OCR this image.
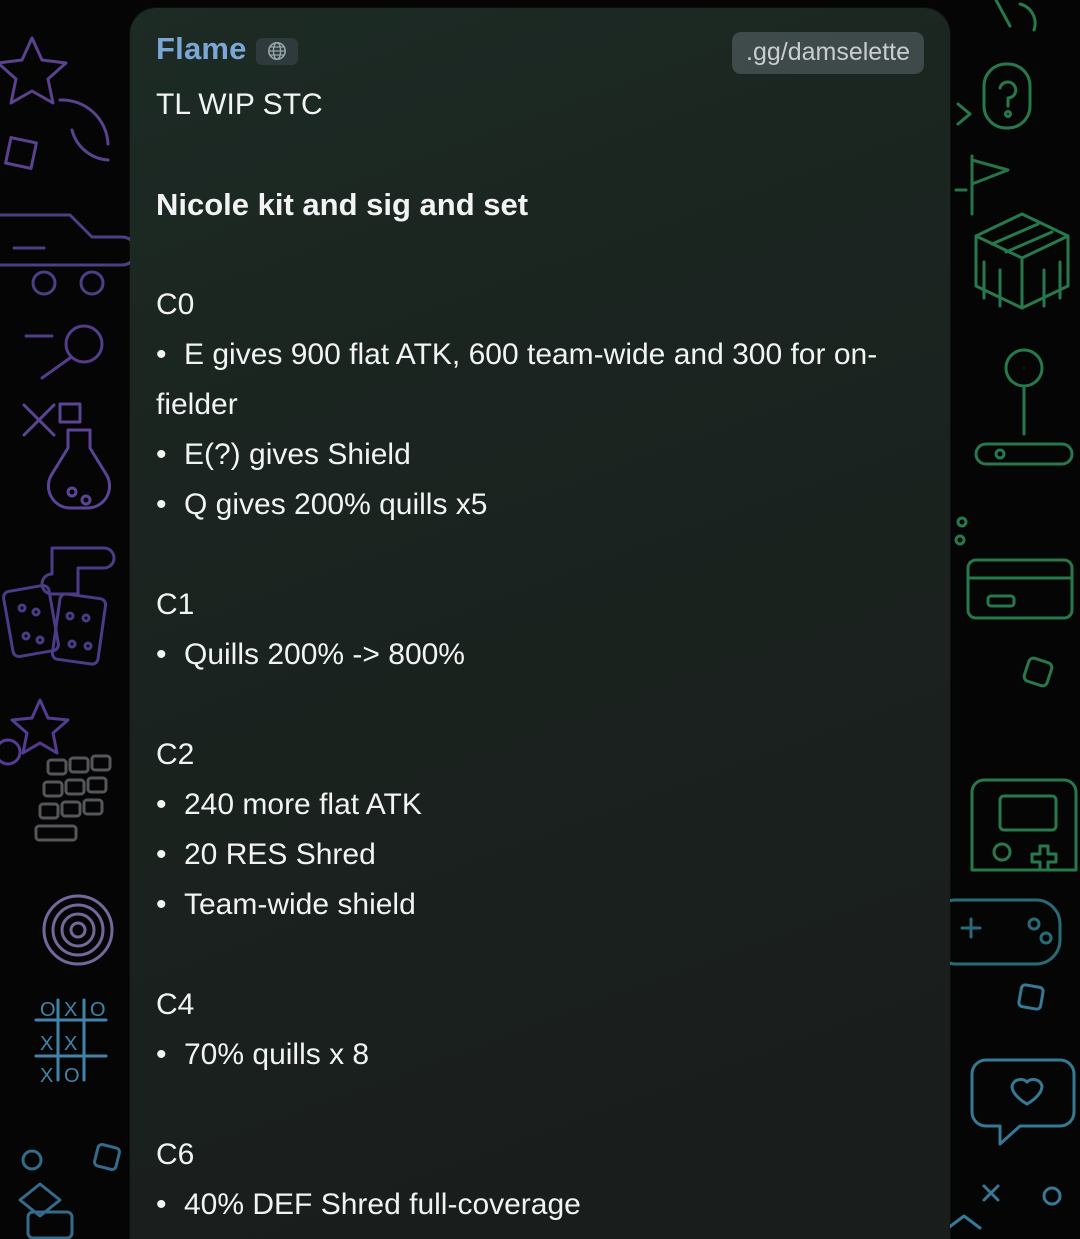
O X O
X X
X O
Flame	.gg/damselette
TL WIP STC
Nicole kit and sig and set
C0
• E gives 900 flat ATK, 600 team-wide and 300 for on-fielder
• E(?) gives Shield
• Q gives 200% quills x5
C1
• Quills 200% -> 800%
C2
• 240 more flat ATK
• 20 RES Shred
• Team-wide shield
C4
• 70% quills x 8
C6
• 40% DEF Shred full-coverage
